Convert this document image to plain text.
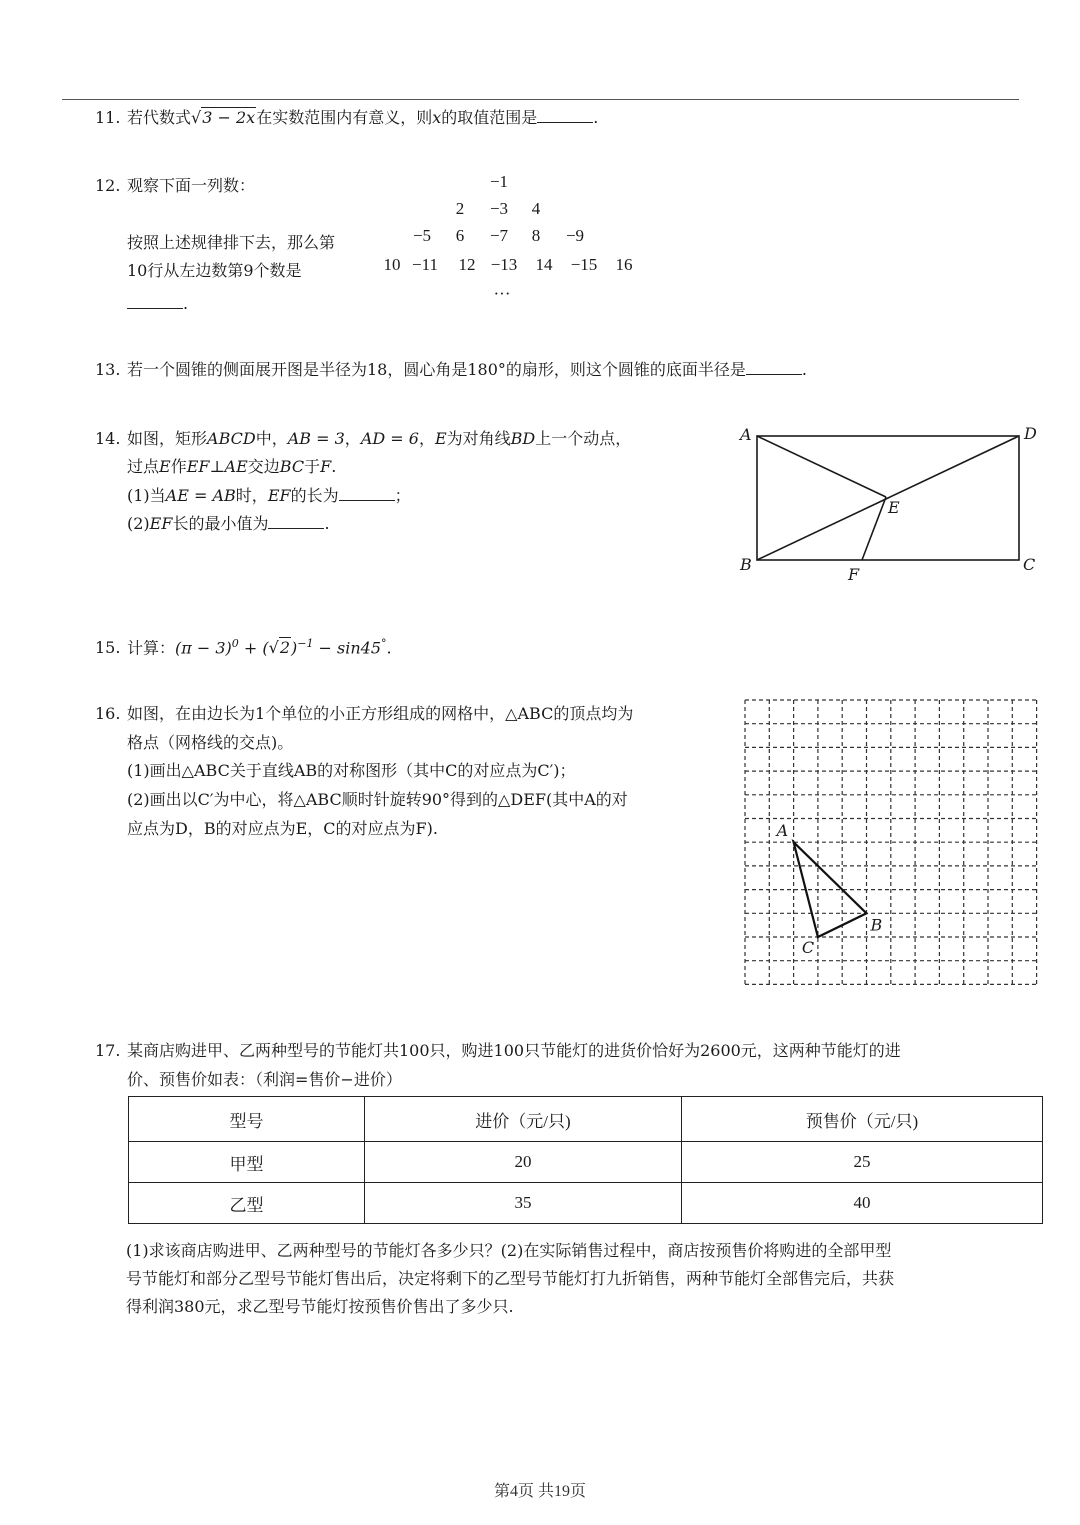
11. 若代数式√3 − 2x在实数范围内有意义，则x的取值范围是	.
12. 观察下面一列数：
按照上述规律排下去，那么第
10行从左边数第9个数是
.
−1
2 −3 4
−5 6 −7 8 −9
10 −11 12 −13 14 −15 16
···
13. 若一个圆锥的侧面展开图是半径为18，圆心角是180°的扇形，则这个圆锥的底面半径是	.
14. 如图，矩形ABCD中，AB = 3，AD = 6，E为对角线BD上一个动点，
过点E作EF⊥AE交边BC于F.
(1)当AE = AB时，EF的长为	；
(2)EF长的最小值为	.
A	D
B	C
E
F
15. 计算：$(\pi - 3)^0 + (√2)^{-1} - \sin 45^\circ$.
16. 如图，在由边长为1个单位的小正方形组成的网格中，△ABC的顶点均为
格点（网格线的交点)。
(1)画出△ABC关于直线AB的对称图形（其中C的对应点为C′)；
(2)画出以C′为中心，将△ABC顺时针旋转90°得到的△DEF(其中A的对
应点为D，B的对应点为E，C的对应点为F).	A
B
C
17. 某商店购进甲、乙两种型号的节能灯共100只，购进100只节能灯的进货价恰好为2600元，这两种节能灯的进
价、预售价如表：（利润=售价−进价）
型号	进价（元/只)	预售价（元/只)
甲型	20	25
乙型	35	40
(1)求该商店购进甲、乙两种型号的节能灯各多少只？(2)在实际销售过程中，商店按预售价将购进的全部甲型
号节能灯和部分乙型号节能灯售出后，决定将剩下的乙型号节能灯打九折销售，两种节能灯全部售完后，共获
得利润380元，求乙型号节能灯按预售价售出了多少只.
第4页 共19页
